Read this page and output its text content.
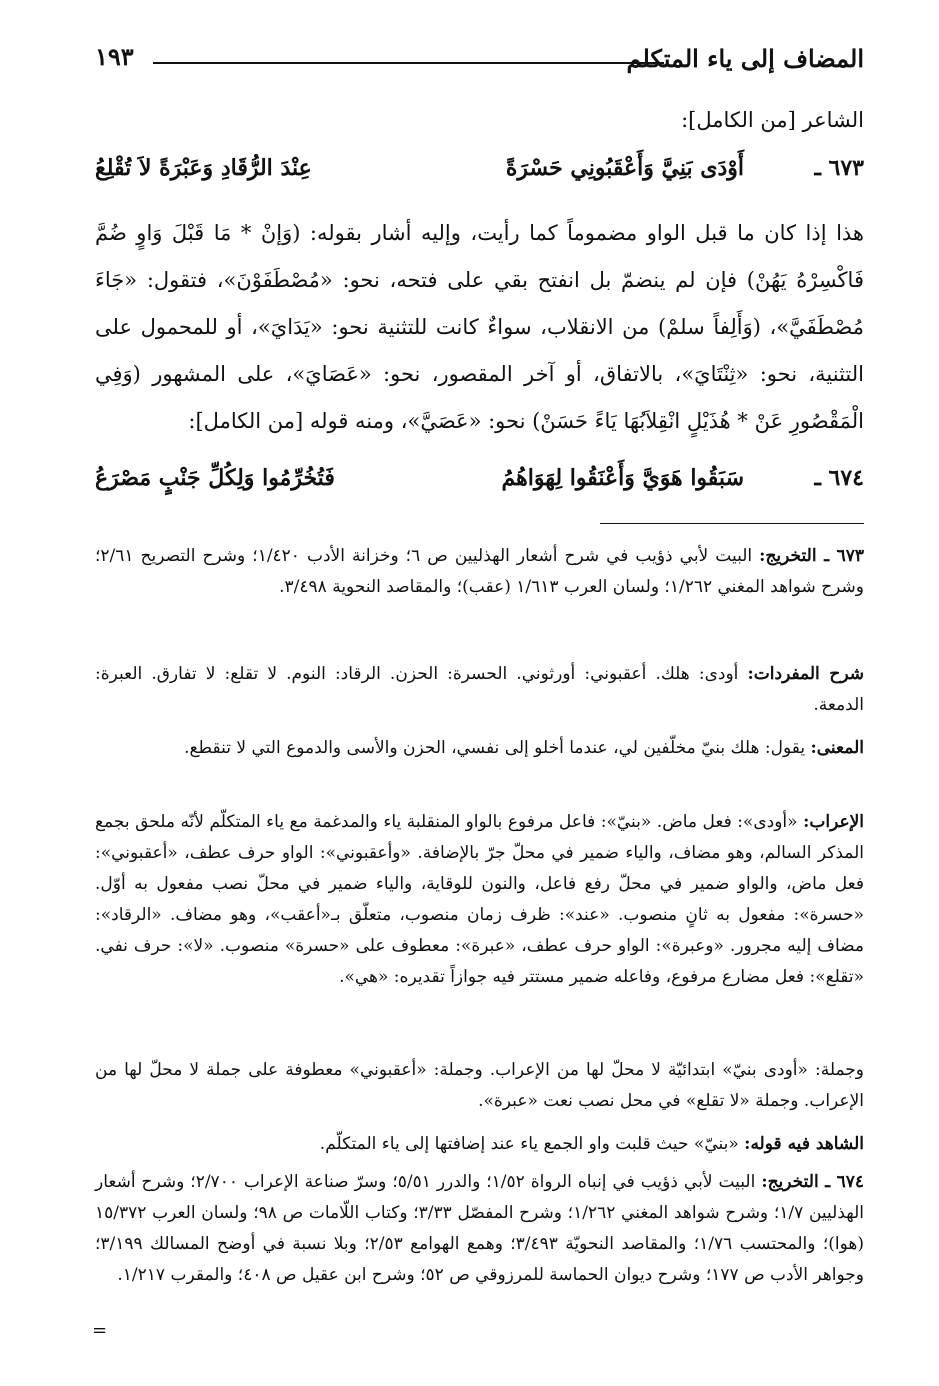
المضاف إلى ياء المتكلم
١٩٣
الشاعر [من الكامل]:
٦٧٣ ـ
أَوْدَى بَنِيَّ وَأَعْقَبُونِي حَسْرَةً
عِنْدَ الرُّقَادِ وَعَبْرَةً لاَ تُقْلِعُ
هذا إذا كان ما قبل الواو مضموماً كما رأيت، وإليه أشار بقوله: (وَإنْ * مَا قَبْلَ وَاوٍ ضُمَّ فَاكْسِرْهُ يَهُنْ) فإن لم ينضمّ بل انفتح بقي على فتحه، نحو: «مُصْطَفَوْنَ»، فتقول: «جَاءَ مُصْطَفَيَّ»، (وَأَلِفاً سلمْ) من الانقلاب، سواءٌ كانت للتثنية نحو: «يَدَايَ»، أو للمحمول على التثنية، نحو: «ثِنْتَايَ»، بالاتفاق، أو آخر المقصور، نحو: «عَصَايَ»، على المشهور (وَفِي الْمَقْصُورِ عَنْ * هُذَيْلٍ انْقِلاَبُهَا يَاءً حَسَنْ) نحو: «عَصَيَّ»، ومنه قوله [من الكامل]:
٦٧٤ ـ
سَبَقُوا هَوَيَّ وَأَعْنَقُوا لِهَوَاهُمُ
فَتُخُرِّمُوا وَلِكُلِّ جَنْبٍ مَصْرَعُ
٦٧٣ ـ التخريج: البيت لأبي ذؤيب في شرح أشعار الهذليين ص ٦؛ وخزانة الأدب ١/٤٢٠؛ وشرح التصريح ٢/٦١؛ وشرح شواهد المغني ١/٢٦٢؛ ولسان العرب ١/٦١٣ (عقب)؛ والمقاصد النحوية ٣/٤٩٨.
شرح المفردات: أودى: هلك. أعقبوني: أورثوني. الحسرة: الحزن. الرقاد: النوم. لا تقلع: لا تفارق. العبرة: الدمعة.
المعنى: يقول: هلك بنيّ مخلّفين لي، عندما أخلو إلى نفسي، الحزن والأسى والدموع التي لا تنقطع.
الإعراب: «أودى»: فعل ماض. «بنيّ»: فاعل مرفوع بالواو المنقلبة ياء والمدغمة مع ياء المتكلّم لأنّه ملحق بجمع المذكر السالم، وهو مضاف، والياء ضمير في محلّ جرّ بالإضافة. «وأعقبوني»: الواو حرف عطف، «أعقبوني»: فعل ماض، والواو ضمير في محلّ رفع فاعل، والنون للوقاية، والياء ضمير في محلّ نصب مفعول به أوّل. «حسرة»: مفعول به ثانٍ منصوب. «عند»: ظرف زمان منصوب، متعلّق بـ«أعقب»، وهو مضاف. «الرقاد»: مضاف إليه مجرور. «وعبرة»: الواو حرف عطف، «عبرة»: معطوف على «حسرة» منصوب. «لا»: حرف نفي. «تقلع»: فعل مضارع مرفوع، وفاعله ضمير مستتر فيه جوازاً تقديره: «هي».
وجملة: «أودى بنيّ» ابتدائيّة لا محلّ لها من الإعراب. وجملة: «أعقبوني» معطوفة على جملة لا محلّ لها من الإعراب. وجملة «لا تقلع» في محل نصب نعت «عبرة».
الشاهد فيه قوله: «بنيّ» حيث قلبت واو الجمع ياء عند إضافتها إلى ياء المتكلّم.
٦٧٤ ـ التخريج: البيت لأبي ذؤيب في إنباه الرواة ١/٥٢؛ والدرر ٥/٥١؛ وسرّ صناعة الإعراب ٢/٧٠٠؛ وشرح أشعار الهذليين ١/٧؛ وشرح شواهد المغني ١/٢٦٢؛ وشرح المفصّل ٣/٣٣؛ وكتاب اللّامات ص ٩٨؛ ولسان العرب ١٥/٣٧٢ (هوا)؛ والمحتسب ١/٧٦؛ والمقاصد النحويّة ٣/٤٩٣؛ وهمع الهوامع ٢/٥٣؛ وبلا نسبة في أوضح المسالك ٣/١٩٩؛ وجواهر الأدب ص ١٧٧؛ وشرح ديوان الحماسة للمرزوقي ص ٥٢؛ وشرح ابن عقيل ص ٤٠٨؛ والمقرب ١/٢١٧.
=
